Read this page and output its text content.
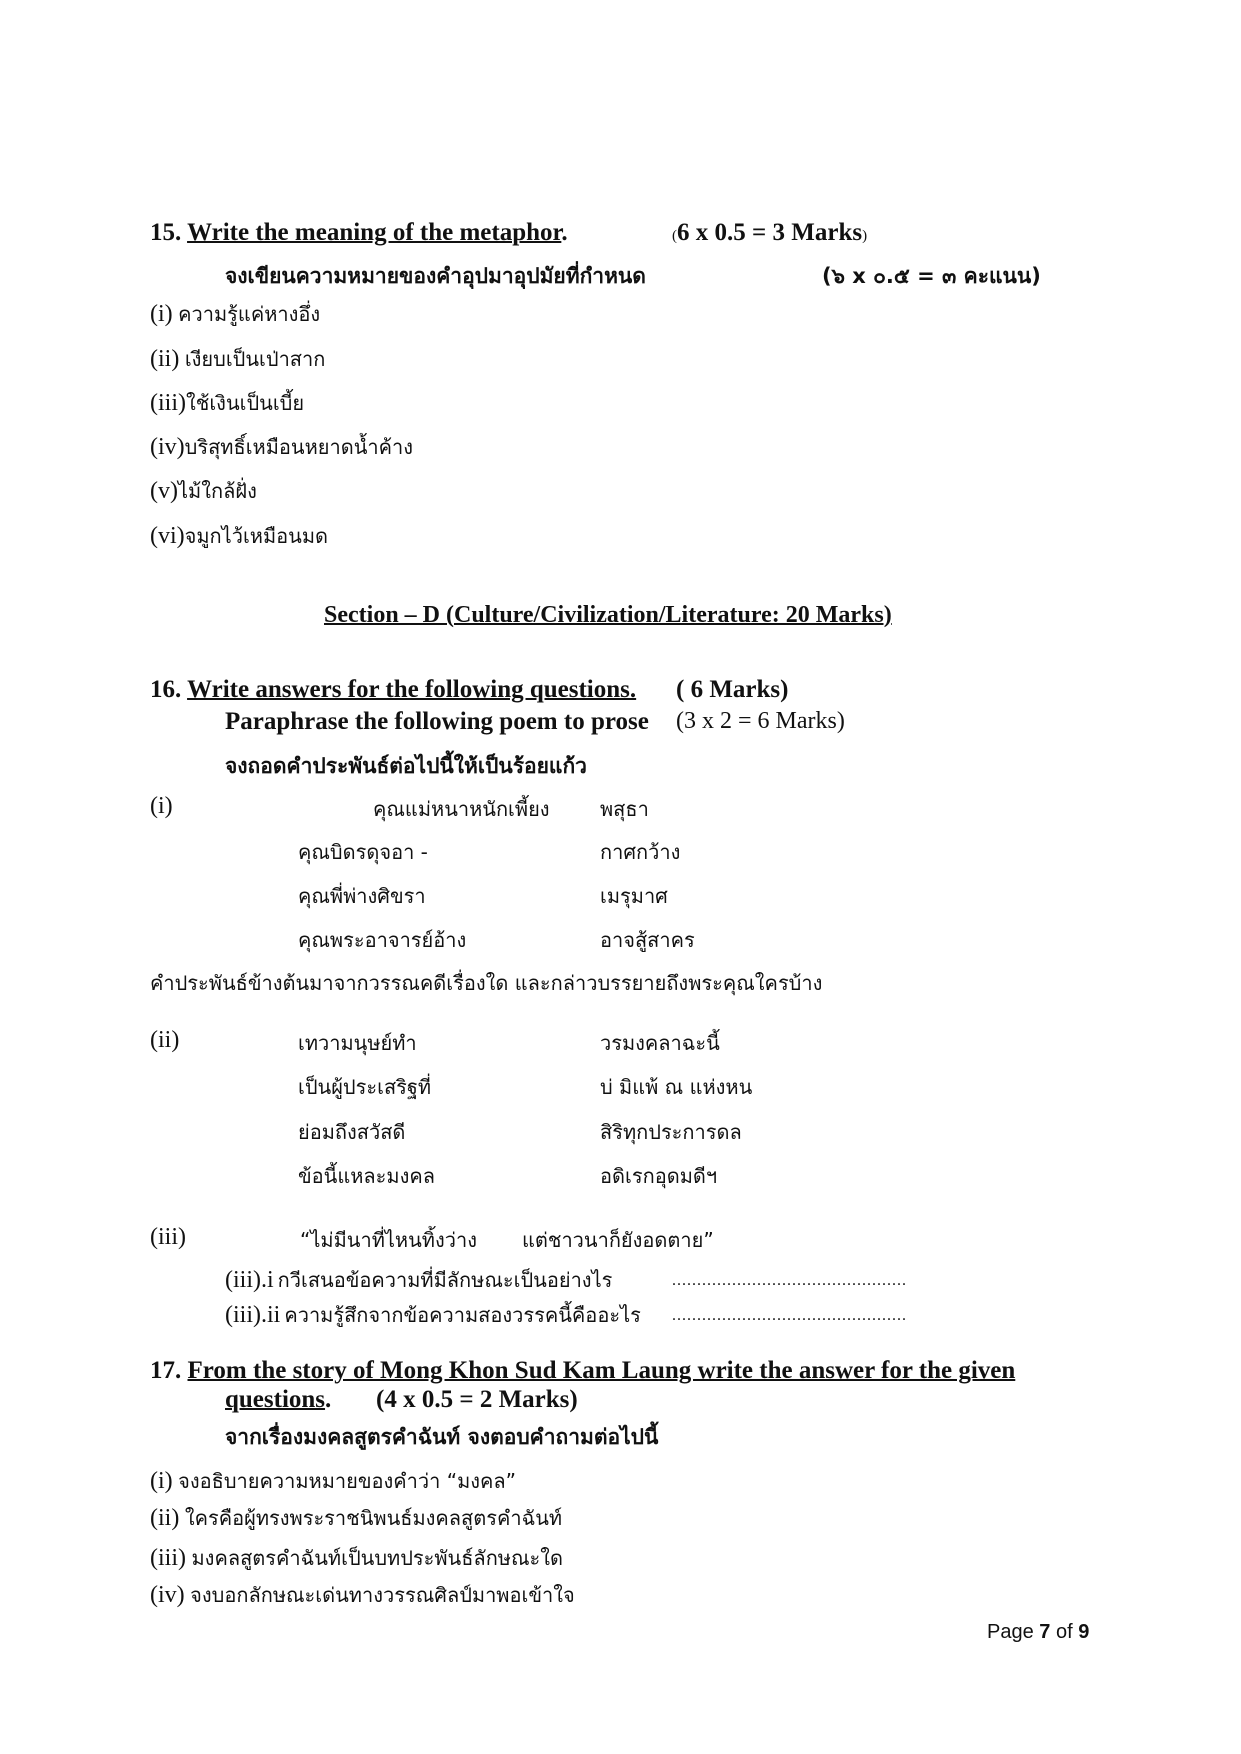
15. Write the meaning of the metaphor.	(6 x 0.5 = 3 Marks)
จงเขียนความหมายของคำอุปมาอุปมัยที่กำหนด	(๖ x ๐.๕ = ๓ คะแนน)
(i) ความรู้แค่หางอึ่ง
(ii) เงียบเป็นเป่าสาก
(iii)ใช้เงินเป็นเบี้ย
(iv)บริสุทธิ์เหมือนหยาดน้ำค้าง
(v)ไม้ใกล้ฝั่ง
(vi)จมูกไว้เหมือนมด
Section – D (Culture/Civilization/Literature: 20 Marks)
16. Write answers for the following questions. ( 6 Marks)
Paraphrase the following poem to prose (3 x 2 = 6 Marks)
จงถอดคำประพันธ์ต่อไปนี้ให้เป็นร้อยแก้ว
(i)	คุณแม่หนาหนักเพี้ยง	พสุธา
คุณบิดรดุจอา -	กาศกว้าง
คุณพี่พ่างศิขรา	เมรุมาศ
คุณพระอาจารย์อ้าง	อาจสู้สาคร
คำประพันธ์ข้างต้นมาจากวรรณคดีเรื่องใด และกล่าวบรรยายถึงพระคุณใครบ้าง
(ii)	เทวามนุษย์ทำ	วรมงคลาฉะนี้
เป็นผู้ประเสริฐที่	บ่ มิแพ้ ณ แห่งหน
ย่อมถึงสวัสดี	สิริทุกประการดล
ข้อนี้แหละมงคล	อดิเรกอุดมดีฯ
(iii)	“ไม่มีนาที่ไหนทิ้งว่าง แต่ชาวนาก็ยังอดตาย”
(iii).i กวีเสนอข้อความที่มีลักษณะเป็นอย่างไร	...............................................
(iii).ii ความรู้สึกจากข้อความสองวรรคนี้คืออะไร ...............................................
17. From the story of Mong Khon Sud Kam Laung write the answer for the given
questions. (4 x 0.5 = 2 Marks)
จากเรื่องมงคลสูตรคำฉันท์ จงตอบคำถามต่อไปนี้
(i) จงอธิบายความหมายของคำว่า “มงคล”
(ii) ใครคือผู้ทรงพระราชนิพนธ์มงคลสูตรคำฉันท์
(iii) มงคลสูตรคำฉันท์เป็นบทประพันธ์ลักษณะใด
(iv) จงบอกลักษณะเด่นทางวรรณศิลป์มาพอเข้าใจ
Page 7 of 9
